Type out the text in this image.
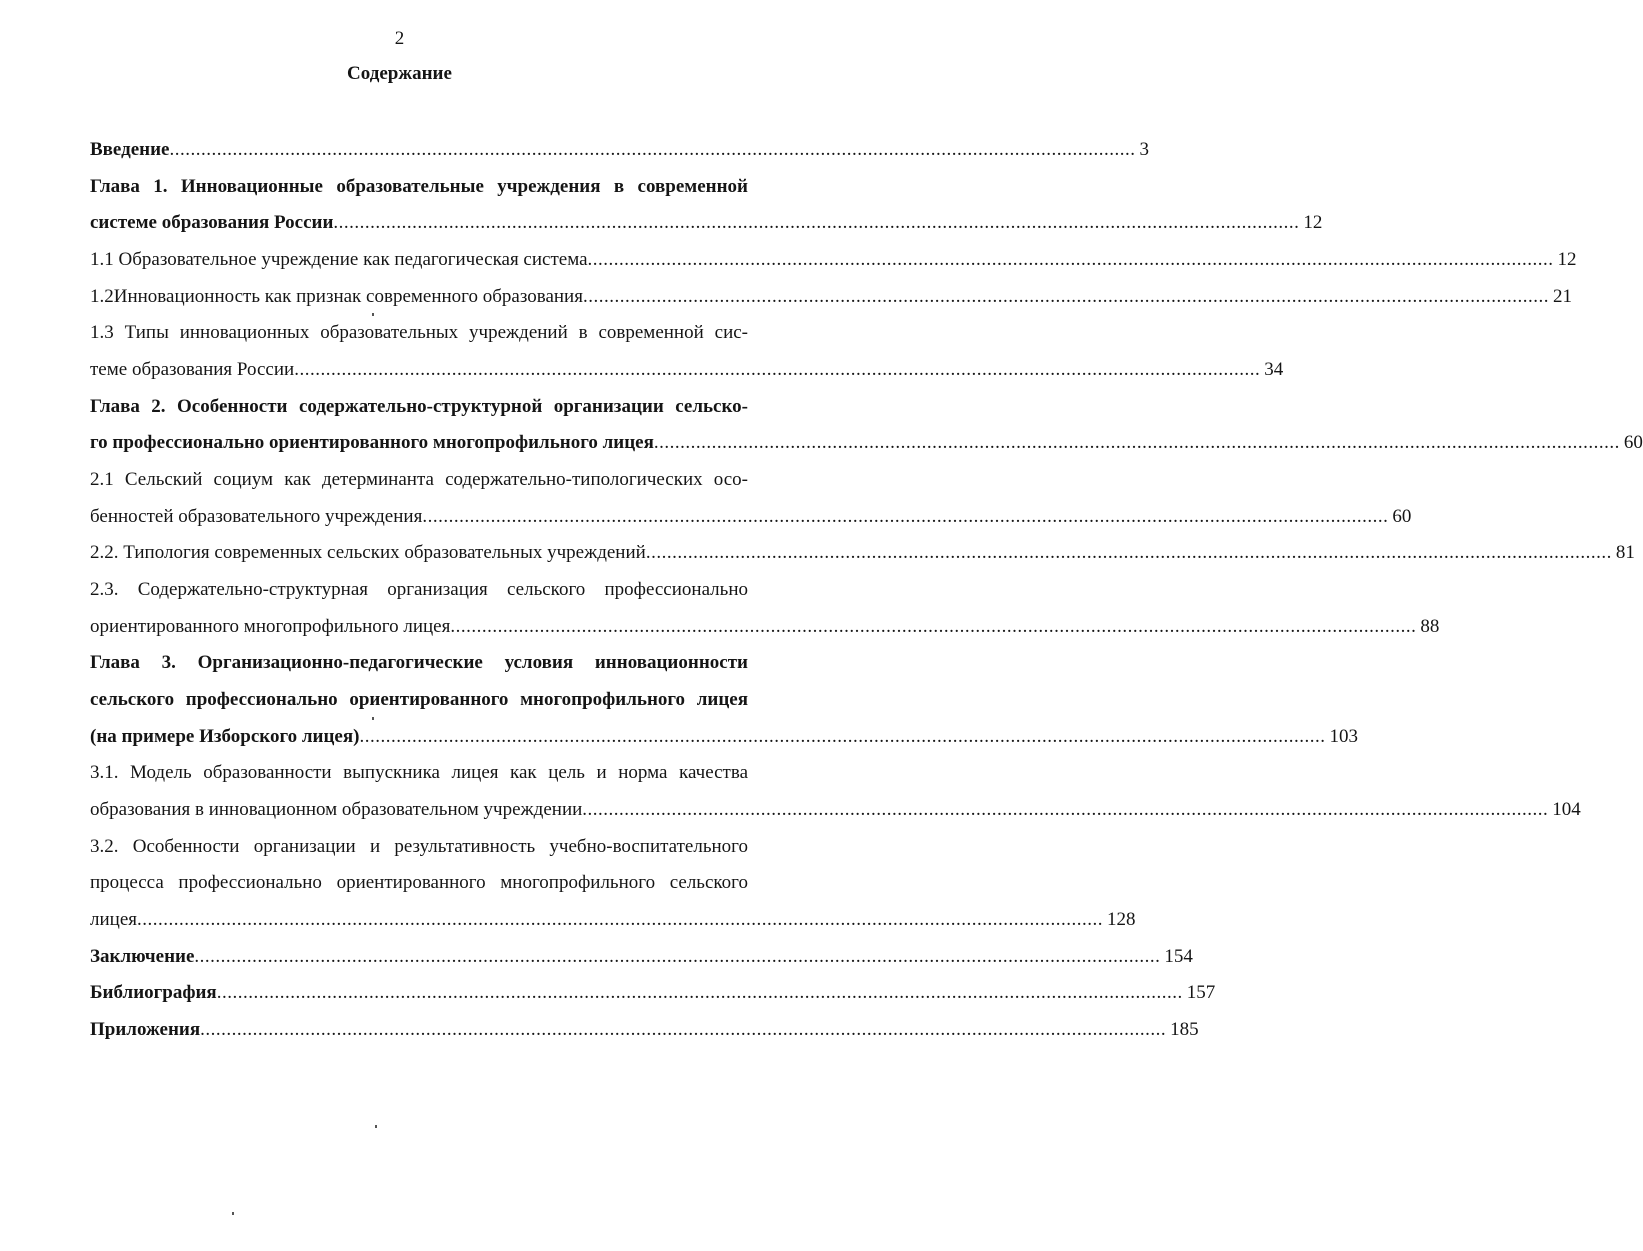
2
Содержание
Введение ........................................................................................................................................................................................ 3
Глава 1. Инновационные образовательные учреждения в современной
системе образования России ........................................................................................................................................................................................ 12
1.1 Образовательное учреждение как педагогическая система ........................................................................................................................................................................................ 12
1.2Инновационность как признак современного образования ........................................................................................................................................................................................ 21
1.3 Типы инновационных образовательных учреждений в современной сис-
теме образования России ........................................................................................................................................................................................ 34
Глава 2. Особенности содержательно-структурной организации сельско-
го профессионально ориентированного многопрофильного лицея ........................................................................................................................................................................................ 60
2.1 Сельский социум как детерминанта содержательно-типологических осо-
бенностей образовательного учреждения ........................................................................................................................................................................................ 60
2.2. Типология современных сельских образовательных учреждений ........................................................................................................................................................................................ 81
2.3. Содержательно-структурная организация сельского профессионально
ориентированного многопрофильного лицея ........................................................................................................................................................................................ 88
Глава 3. Организационно-педагогические условия инновационности
сельского профессионально ориентированного многопрофильного лицея
(на примере Изборского лицея) ........................................................................................................................................................................................ 103
3.1. Модель образованности выпускника лицея как цель и норма качества
образования в инновационном образовательном учреждении ........................................................................................................................................................................................ 104
3.2. Особенности организации и результативность учебно-воспитательного
процесса профессионально ориентированного многопрофильного сельского
лицея ........................................................................................................................................................................................ 128
Заключение ........................................................................................................................................................................................ 154
Библиография ........................................................................................................................................................................................ 157
Приложения ........................................................................................................................................................................................ 185
